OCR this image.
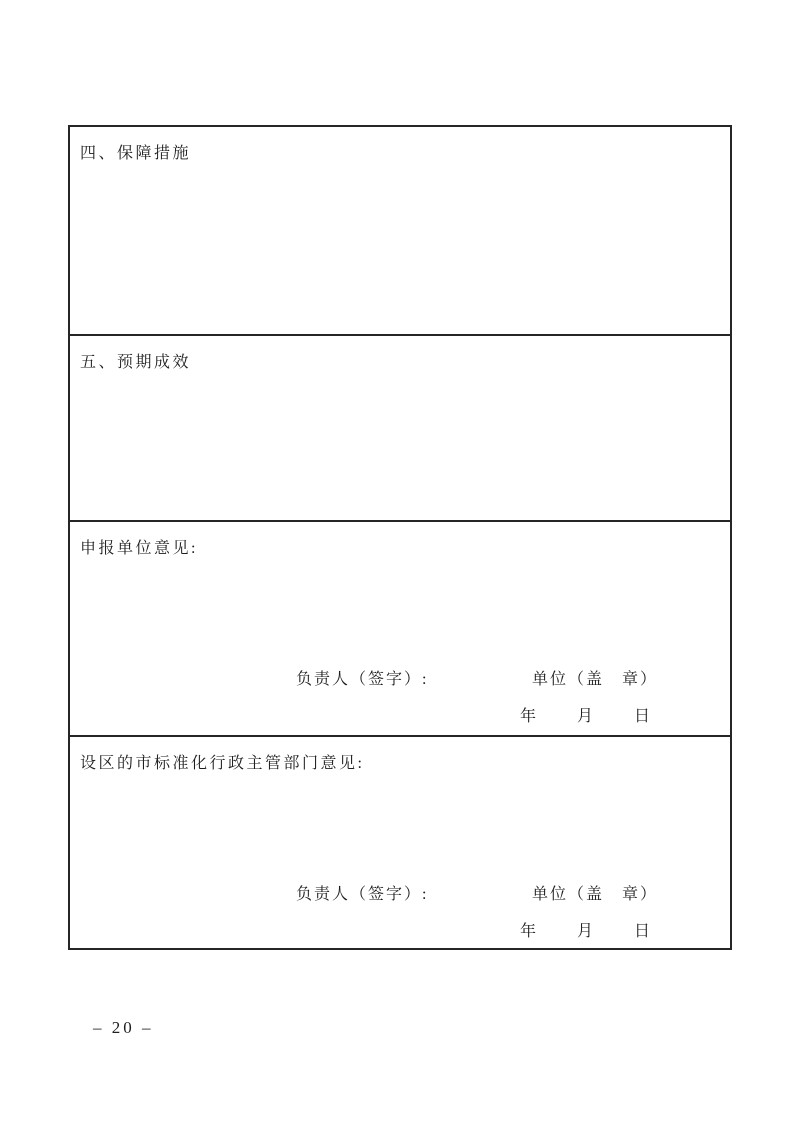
四、保障措施
五、预期成效
申报单位意见:
负责人（签字）:	单位（盖　章）
年	月	日
设区的市标准化行政主管部门意见:
负责人（签字）:	单位（盖　章）
年	月	日
– 20 –
